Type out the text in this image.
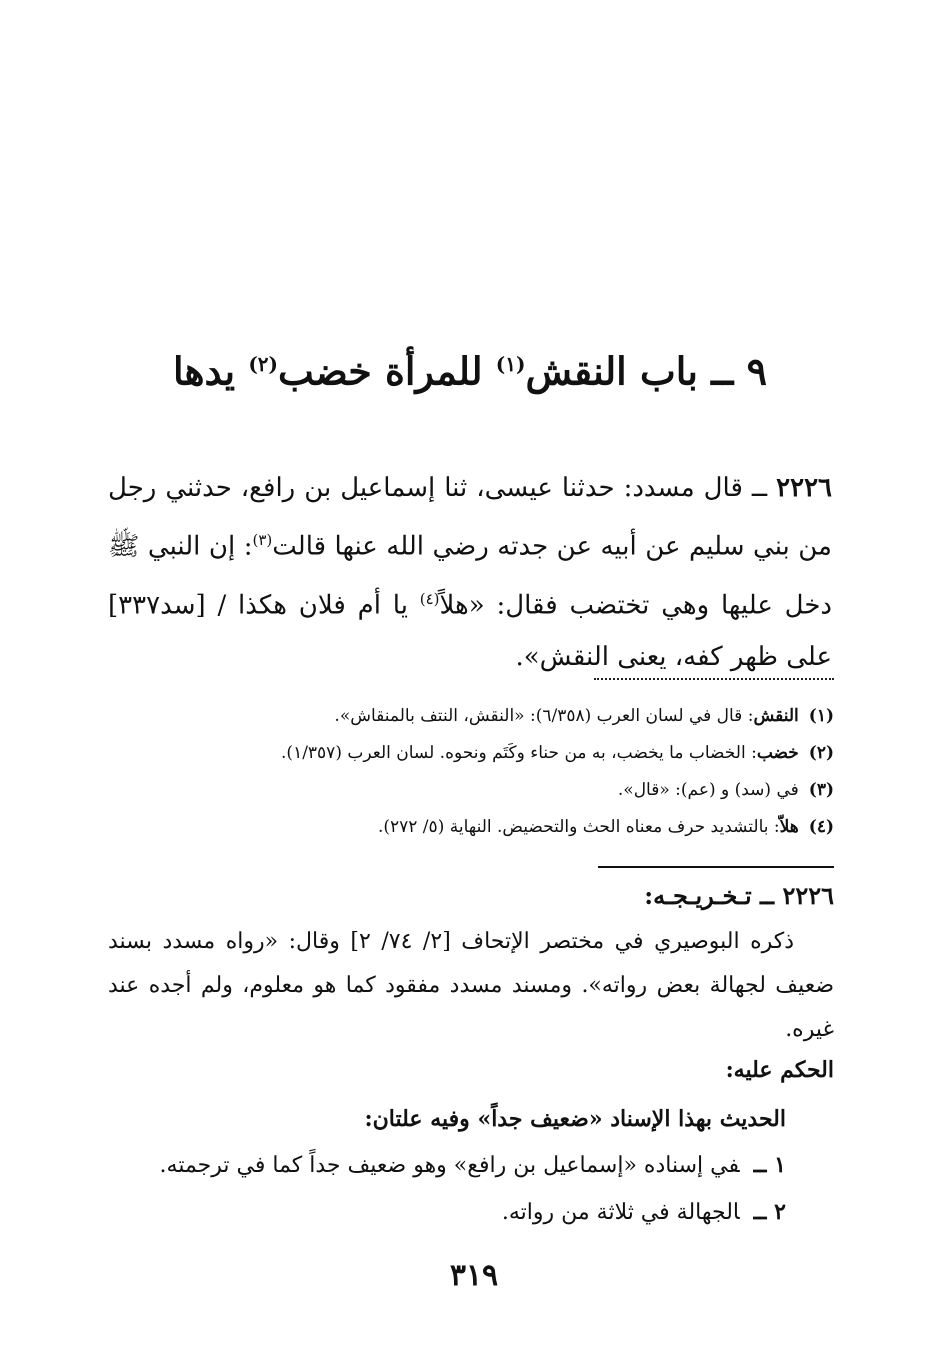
٩ ــ باب النقش$^{(١)}$ للمرأة خضب$^{(٢)}$ يدها
٢٢٢٦ ــ قال مسدد: حدثنا عيسى، ثنا إسماعيل بن رافع، حدثني رجل من بني سليم عن أبيه عن جدته رضي الله عنها قالت$^{(٣)}$: إن النبي ﷺ دخل عليها وهي تختضب فقال: «هلاً$^{(٤)}$ يا أم فلان هكذا / [سد٣٣٧] على ظهر كفه، يعنى النقش».
(١)النقش: قال في لسان العرب (٦/٣٥٨): «النقش، النتف بالمنقاش».
(٢)خضب: الخضاب ما يخضب، به من حناء وكَتَم ونحوه. لسان العرب (١/٣٥٧).
(٣)في (سد) و (عم): «قال».
(٤)هلاّ: بالتشديد حرف معناه الحث والتحضيض. النهاية (٥/ ٢٧٢).
٢٢٢٦ ــ تـخـريـجـه:
ذكره البوصيري في مختصر الإتحاف [٢/ ٧٤/ ٢] وقال: «رواه مسدد بسند ضعيف لجهالة بعض رواته». ومسند مسدد مفقود كما هو معلوم، ولم أجده عند غيره.
الحكم عليه:
الحديث بهذا الإسناد «ضعيف جداً» وفيه علتان:
١ ــفي إسناده «إسماعيل بن رافع» وهو ضعيف جداً كما في ترجمته.
٢ ــالجهالة في ثلاثة من رواته.
٣١٩
